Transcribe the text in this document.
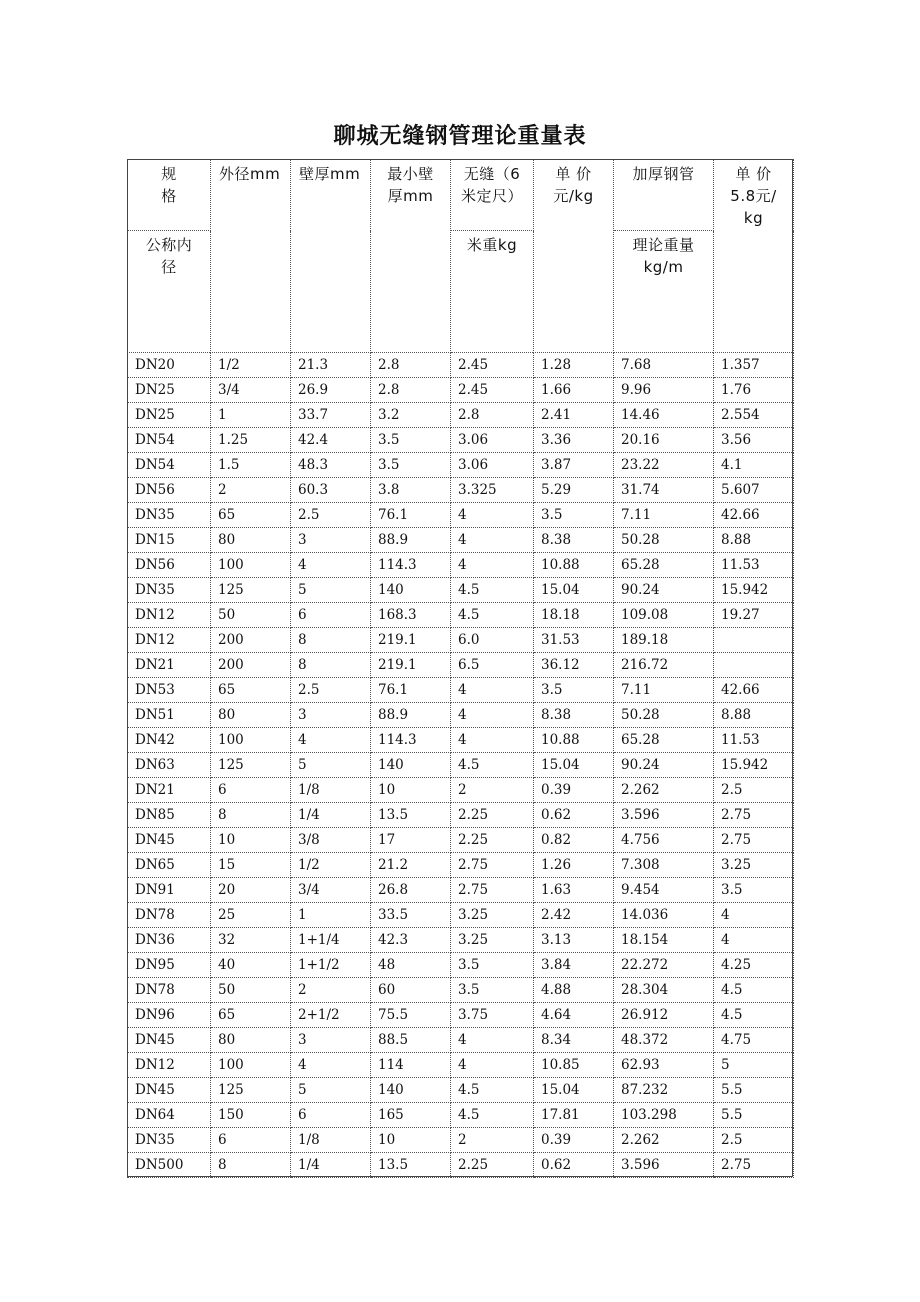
聊城无缝钢管理论重量表
规
格	外径mm	壁厚mm	最小壁
厚mm	无缝（6
米定尺）	单 价
元/kg	加厚钢管	单 价
5.8元/
kg
公称内
径				米重kg		理论重量
kg/m	
DN20	1/2	21.3	2.8	2.45	1.28	7.68	1.357
DN25	3/4	26.9	2.8	2.45	1.66	9.96	1.76
DN25	1	33.7	3.2	2.8	2.41	14.46	2.554
DN54	1.25	42.4	3.5	3.06	3.36	20.16	3.56
DN54	1.5	48.3	3.5	3.06	3.87	23.22	4.1
DN56	2	60.3	3.8	3.325	5.29	31.74	5.607
DN35	65	2.5	76.1	4	3.5	7.11	42.66
DN15	80	3	88.9	4	8.38	50.28	8.88
DN56	100	4	114.3	4	10.88	65.28	11.53
DN35	125	5	140	4.5	15.04	90.24	15.942
DN12	50	6	168.3	4.5	18.18	109.08	19.27
DN12	200	8	219.1	6.0	31.53	189.18	
DN21	200	8	219.1	6.5	36.12	216.72	
DN53	65	2.5	76.1	4	3.5	7.11	42.66
DN51	80	3	88.9	4	8.38	50.28	8.88
DN42	100	4	114.3	4	10.88	65.28	11.53
DN63	125	5	140	4.5	15.04	90.24	15.942
DN21	6	1/8	10	2	0.39	2.262	2.5
DN85	8	1/4	13.5	2.25	0.62	3.596	2.75
DN45	10	3/8	17	2.25	0.82	4.756	2.75
DN65	15	1/2	21.2	2.75	1.26	7.308	3.25
DN91	20	3/4	26.8	2.75	1.63	9.454	3.5
DN78	25	1	33.5	3.25	2.42	14.036	4
DN36	32	1+1/4	42.3	3.25	3.13	18.154	4
DN95	40	1+1/2	48	3.5	3.84	22.272	4.25
DN78	50	2	60	3.5	4.88	28.304	4.5
DN96	65	2+1/2	75.5	3.75	4.64	26.912	4.5
DN45	80	3	88.5	4	8.34	48.372	4.75
DN12	100	4	114	4	10.85	62.93	5
DN45	125	5	140	4.5	15.04	87.232	5.5
DN64	150	6	165	4.5	17.81	103.298	5.5
DN35	6	1/8	10	2	0.39	2.262	2.5
DN500	8	1/4	13.5	2.25	0.62	3.596	2.75
